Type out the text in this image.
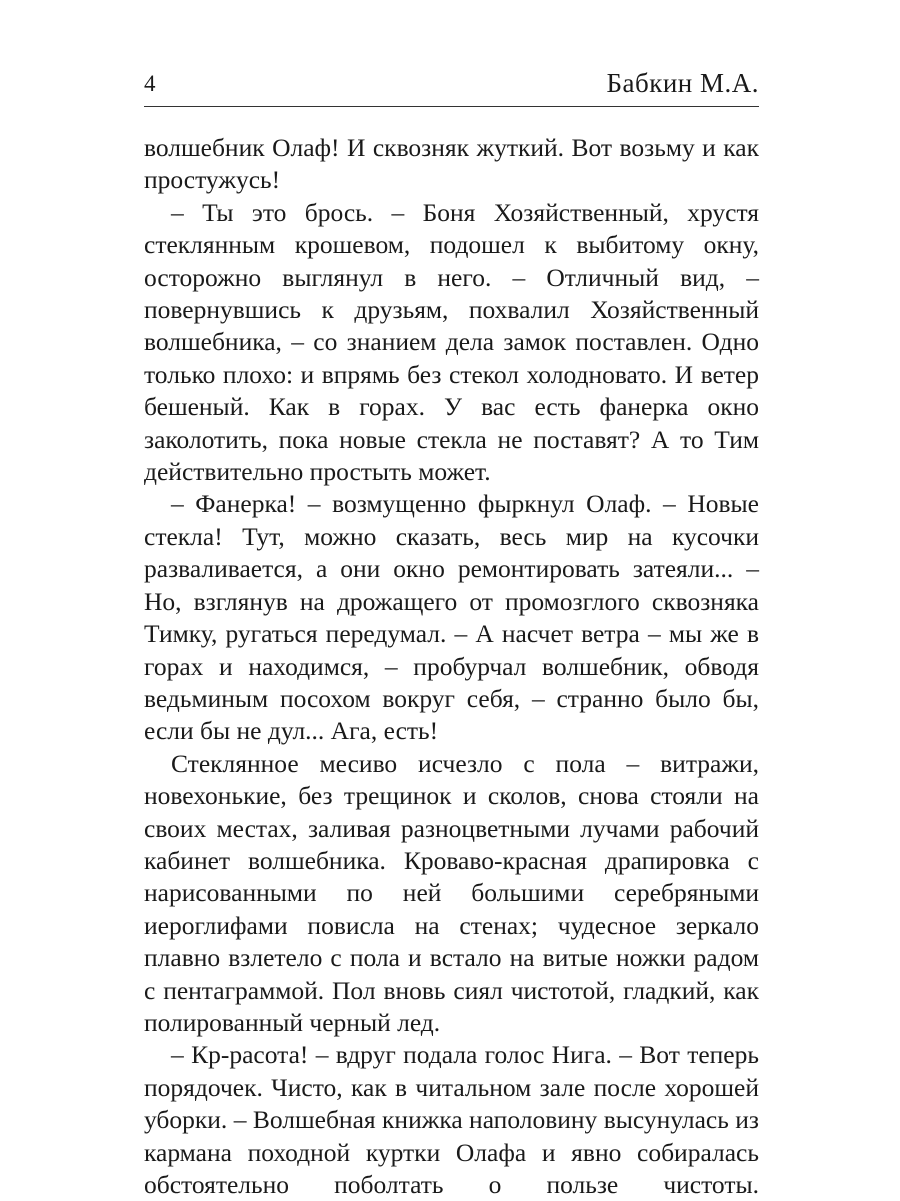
4	Бабкин М.А.

волшебник Олаф! И сквозняк жуткий. Вот возьму и как простужусь!

– Ты это брось. – Боня Хозяйственный, хрустя стеклянным крошевом, подошел к выбитому окну, осторожно выглянул в него. – Отличный вид, – повернувшись к друзьям, похвалил Хозяйственный волшебника, – со знанием дела замок поставлен. Одно только плохо: и впрямь без стекол холодновато. И ветер бешеный. Как в горах. У вас есть фанерка окно заколотить, пока новые стекла не поставят? А то Тим действительно простыть может.

– Фанерка! – возмущенно фыркнул Олаф. – Новые стекла! Тут, можно сказать, весь мир на кусочки разваливается, а они окно ремонтировать затеяли... – Но, взглянув на дрожащего от промозглого сквозняка Тимку, ругаться передумал. – А насчет ветра – мы же в горах и находимся, – пробурчал волшебник, обводя ведьминым посохом вокруг себя, – странно было бы, если бы не дул... Ага, есть!

Стеклянное месиво исчезло с пола – витражи, новехонькие, без трещинок и сколов, снова стояли на своих местах, заливая разноцветными лучами рабочий кабинет волшебника. Кроваво-красная драпировка с нарисованными по ней большими серебряными иероглифами повисла на стенах; чудесное зеркало плавно взлетело с пола и встало на витые ножки радом с пентаграммой. Пол вновь сиял чистотой, гладкий, как полированный черный лед.

– Кр-расота! – вдруг подала голос Нига. – Вот теперь порядочек. Чисто, как в читальном зале после хорошей уборки. – Волшебная книжка наполовину высунулась из кармана походной куртки Олафа и явно собиралась обстоятельно поболтать о пользе чистоты.
